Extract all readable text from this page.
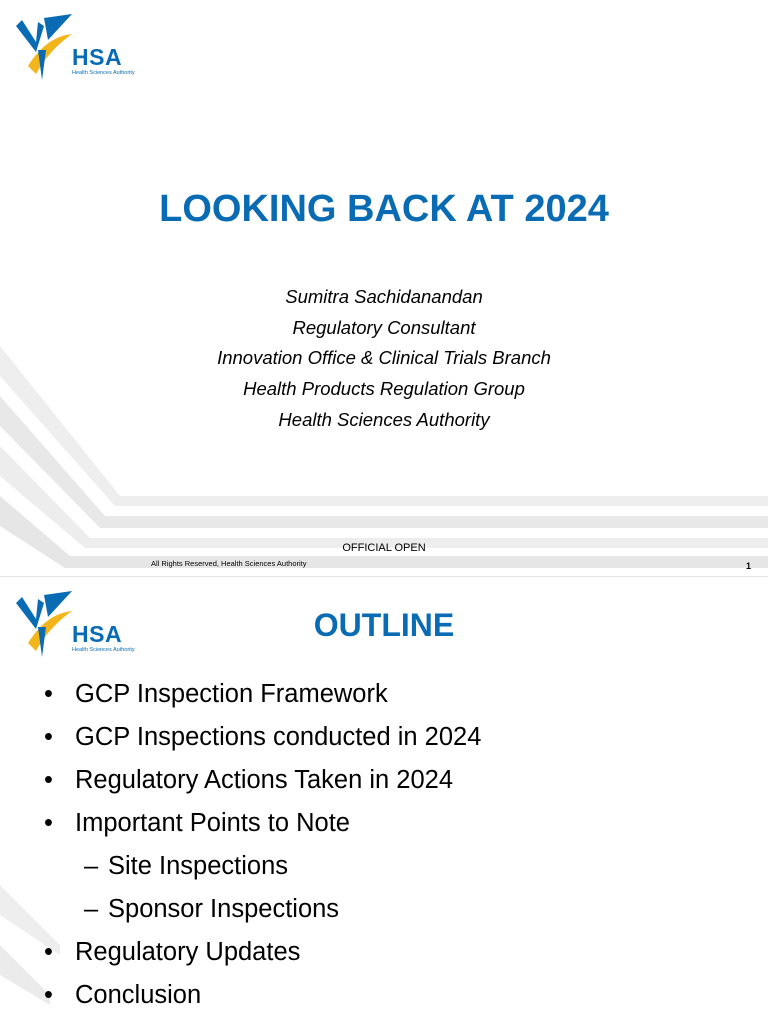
HSA
Health Sciences Authority
LOOKING BACK AT 2024
Sumitra Sachidanandan
Regulatory Consultant
Innovation Office & Clinical Trials Branch
Health Products Regulation Group
Health Sciences Authority
OFFICIAL OPEN
All Rights Reserved, Health Sciences Authority	1
HSA
Health Sciences Authority
OUTLINE
• GCP Inspection Framework
• GCP Inspections conducted in 2024
• Regulatory Actions Taken in 2024
• Important Points to Note
– Site Inspections
– Sponsor Inspections
• Regulatory Updates
• Conclusion
